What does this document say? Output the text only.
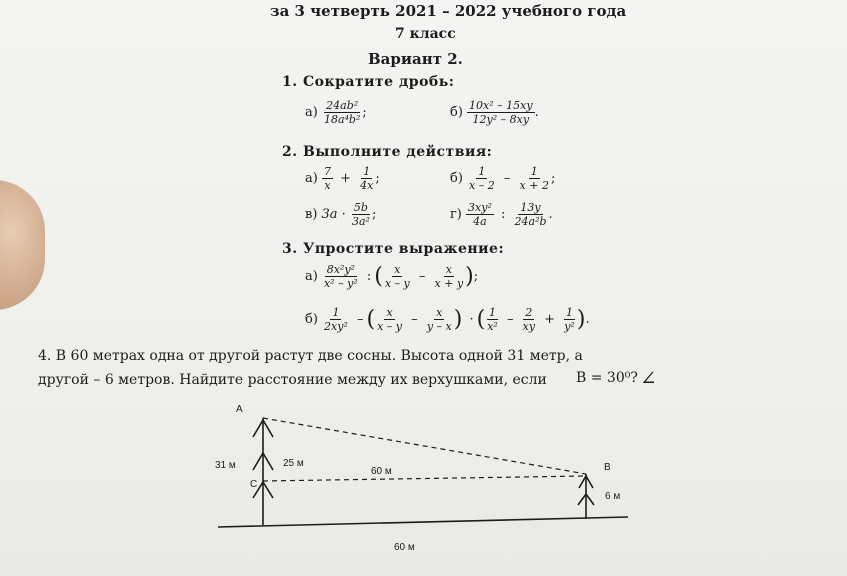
за 3 четверть 2021 – 2022 учебного года
7 класс
Вариант 2.
1. Сократите дробь:
$а) \frac{\text{24ab²}}{\text{18a⁴b²}}$ ;	$б) \frac{\text{10x² – 15xy}}{\text{12y² – 8xy}}$ .
2. Выполните действия:
$а) \frac{7}{x} + \frac{1}{4x}$ ;	$б) \frac{1}{x - 2} - \frac{1}{x + 2}$ ;
в) $3a \cdot \frac{5b}{\text{3a²}}$ ;	$г) \frac{\text{3xy²}}{4a}$ : $\frac{13y}{\text{24a²b}}$ .
3. Упростите выражение:
$а) \frac{\text{8x²y²}}{\text{x² – y²}}$ : ( $\frac{x}{x - y} - \frac{x}{x + y}$ );
$б) \frac{1}{\text{2xy²}}$ – ( $\frac{x}{x - y} - \frac{x}{y - x}$ ) · ( $\frac{1}{\text{x²}} - \frac{2}{xy} + \frac{1}{\text{y²}}$ ).
4. В 60 метрах одна от другой растут две сосны. Высота одной 31 метр, а
другой – 6 метров. Найдите расстояние между их верхушками, если B = 30⁰? ∠
A
B
C
31 м	25 м
60 м
6 м
60 м
